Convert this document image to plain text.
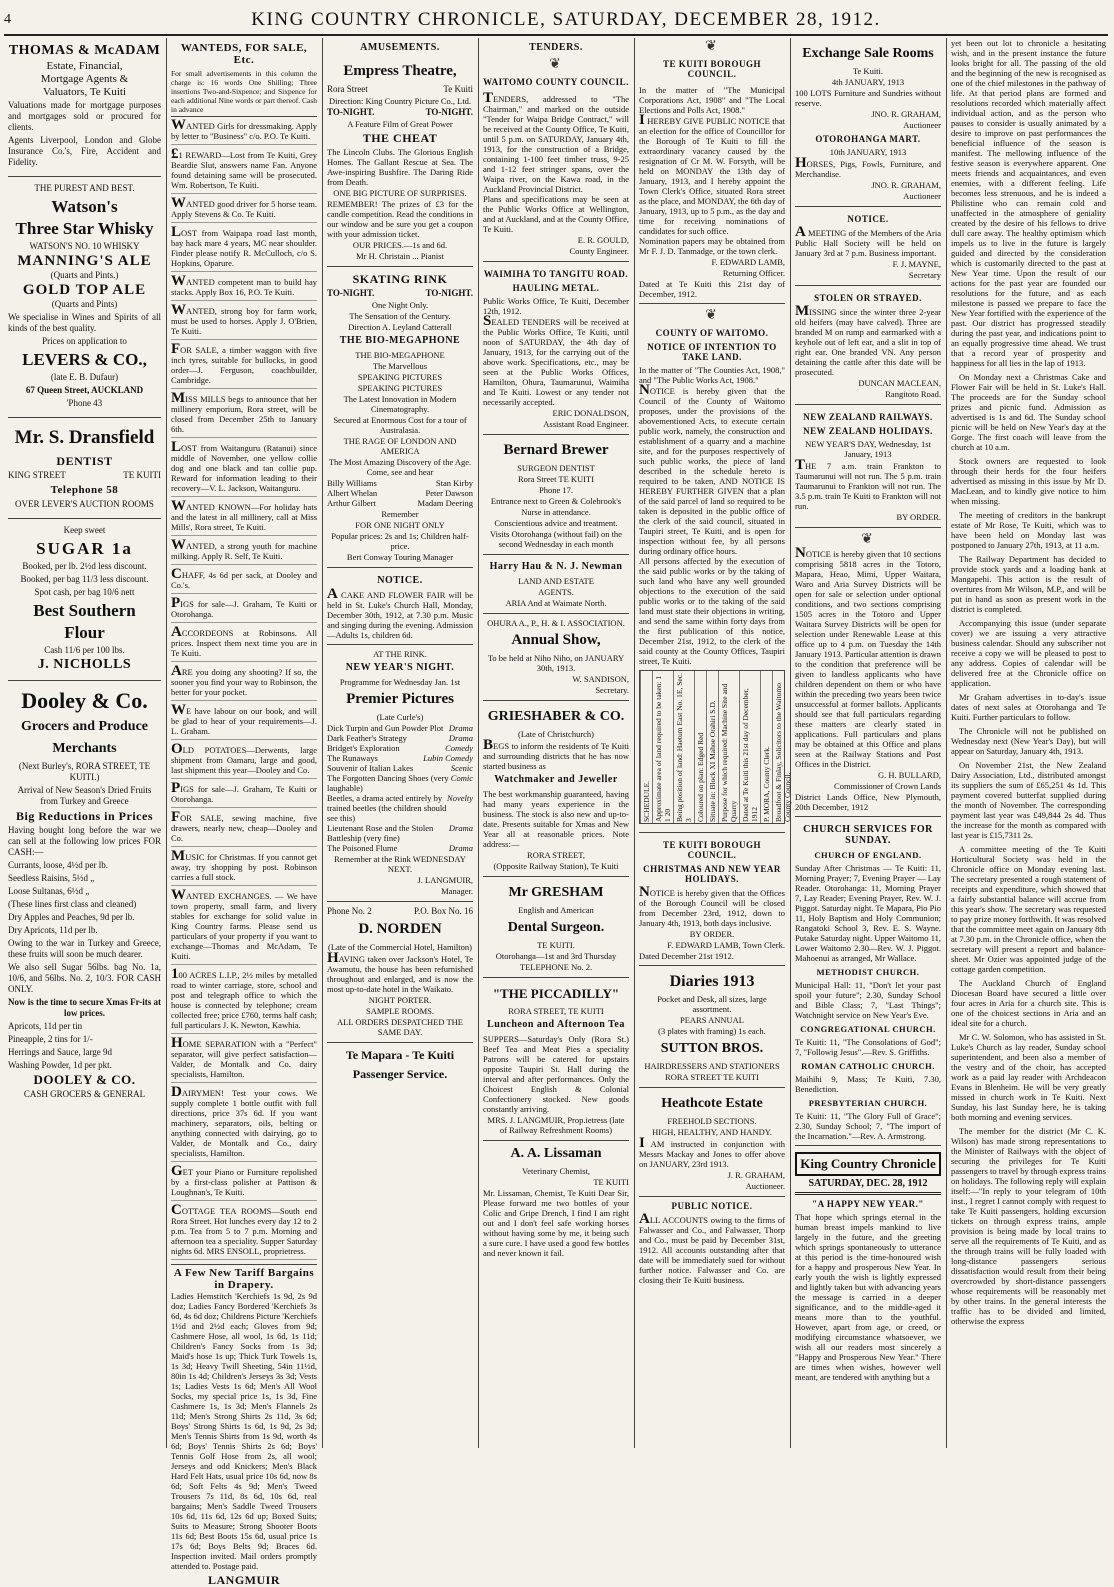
4	KING COUNTRY CHRONICLE, SATURDAY, DECEMBER 28, 1912.
THOMAS & McADAM
Estate, Financial,
Mortgage Agents &
Valuators, Te Kuiti

Valuations made for mortgage purposes and mortgages sold or procured for clients.

Agents Liverpool, London and Globe Insurance Co.'s, Fire, Accident and Fidelity.

THE PUREST AND BEST.

Watson's
Three Star Whisky

WATSON'S NO. 10 WHISKY

MANNING'S ALE

(Quarts and Pints.)

GOLD TOP ALE

(Quarts and Pints)

We specialise in Wines and Spirits of all kinds of the best quality.

Prices on application to

LEVERS & CO.,

(late E. B. Dufaur)

67 Queen Street, AUCKLAND

'Phone 43

Mr. S. Dransfield
DENTIST
KING STREET	TE KUITI
Telephone 58

OVER LEVER'S AUCTION ROOMS

Keep sweet

SUGAR 1a

Booked, per lb. 2½d less discount.

Booked, per bag 11/3 less discount.

Spot cash, per bag 10/6 nett

Best Southern
Flour

Cash 11/6 per 100 lbs.

J. NICHOLLS
Dooley & Co.
Grocers and Produce
Merchants

(Next Burley's, RORA STREET, TE KUITI.)

Arrival of New Season's Dried Fruits from Turkey and Greece

Big Reductions in Prices

Having bought long before the war we can sell at the following low prices FOR CASH:—

Currants, loose, 4½d per lb.

Seedless Raisins, 5½d „

Loose Sultanas, 6½d „

(These lines first class and cleaned)

Dry Apples and Peaches, 9d per lb.

Dry Apricots, 11d per lb.

Owing to the war in Turkey and Greece, these fruits will soon be much dearer.

We also sell Sugar 56lbs. bag No. 1a, 10/6, and 56lbs. No. 2, 10/3. FOR CASH ONLY.

Now is the time to secure Xmas Fr-its at low prices.

Apricots, 11d per tin

Pineapple, 2 tins for 1/-

Herrings and Sauce, large 9d

Washing Powder, 1d per pkt.

DOOLEY & CO.

CASH GROCERS & GENERAL

WANTEDS, FOR SALE, Etc.

For small advertisements in this column the charge is: 16 words One Shilling; Three insertions Two-and-Sixpence; and Sixpence for each additional Nine words or part thereof. Cash in advance

WANTED Girls for dressmaking. Apply by letter to "Business" c/o. P.O. Te Kuiti.

£1 REWARD—Lost from Te Kuiti, Grey Beardie Slut, answers name Fan. Anyone found detaining same will be prosecuted. Wm. Robertson, Te Kuiti.

WANTED good driver for 5 horse team. Apply Stevens & Co. Te Kuiti.

LOST from Waipapa road last month, bay hack mare 4 years, MC near shoulder. Finder please notify R. McCulloch, c/o S. Hopkins, Oparure.

WANTED competent man to build hay stacks. Apply Box 16, P.O. Te Kuiti.

WANTED, strong boy for farm work, must be used to horses. Apply J. O'Brien, Te Kuiti.

FOR SALE, a timber waggon with five inch tyres, suitable for bullocks, in good order—J. Ferguson, coachbuilder, Cambridge.

MISS MILLS begs to announce that her millinery emporium, Rora street, will be closed from December 25th to January 6th.

LOST from Waitanguru (Ratanui) since middle of November, one yellow collie dog and one black and tan collie pup. Reward for information leading to their recovery—V. L. Jackson, Waitanguru.

WANTED KNOWN—For holiday hats and the latest in all millinery, call at Miss Mills', Rora street, Te Kuiti.

WANTED, a strong youth for machine milking. Apply R. Self, Te Kuiti.

CHAFF, 4s 6d per sack, at Dooley and Co.'s.

PIGS for sale—J. Graham, Te Kuiti or Otorohanga.

ACCORDEONS at Robinsons. All prices. Inspect them next time you are in Te Kuiti.

ARE you doing any shooting? If so, the sooner you find your way to Robinson, the better for your pocket.

WE have labour on our book, and will be glad to hear of your requirements—J. L. Graham.

OLD POTATOES—Derwents, large shipment from Oamaru, large and good, last shipment this year—Dooley and Co.

PIGS for sale—J. Graham, Te Kuiti or Otorohanga.

FOR SALE, sewing machine, five drawers, nearly new, cheap—Dooley and Co.

MUSIC for Christmas. If you cannot get away, try shopping by post. Robinson carries a full stock.

WANTED EXCHANGES. — We have town property, small farm, and livery stables for exchange for solid value in King Country farms. Please send us particulars of your property if you want to exchange—Thomas and McAdam, Te Kuiti.

100 ACRES L.I.P., 2½ miles by metalled road to winter carriage, store, school and post and telegraph office to which the house is connected by telephone; cream collected free; price £760, terms half cash; full particulars J. K. Newton, Kawhia.

HOME SEPARATION with a "Perfect" separator, will give perfect satisfaction—Valder, de Montalk and Co. dairy specialists, Hamilton.

DAIRYMEN! Test your cows. We supply complete 1 bottle outfit with full directions, price 37s 6d. If you want machinery, separators, oils, belting or anything connected with dairying, go to Valder, de Montalk and Co., dairy specialists, Hamilton.

GET your Piano or Furniture repolished by a first-class polisher at Pattison & Loughnan's, Te Kuiti.

COTTAGE TEA ROOMS—South end Rora Street. Hot lunches every day 12 to 2 p.m. Tea from 5 to 7 p.m. Morning and afternoon tea a speciality. Supper Saturday nights 6d. MRS ENSOLL, proprietress.

A Few New Tariff Bargains in Drapery.

Ladies Hemstitch 'Kerchiefs 1s 9d, 2s 9d doz; Ladies Fancy Bordered 'Kerchiefs 3s 6d, 4s 6d doz; Childrens Picture 'Kerchiefs 1½d and 2½d each; Gloves from 9d; Cashmere Hose, all wool, 1s 6d, 1s 11d; Children's Fancy Socks from 1s 3d; Maid's hose 1s up; Thick Turk Towels 1s, 1s 3d; Heavy Twill Sheeting, 54in 11½d, 80in 1s 4d; Children's Jerseys 3s 3d; Vests 1s; Ladies Vests 1s 6d; Men's All Wool Socks, my special price 1s, 1s 3d, Fine Cashmere 1s, 1s 3d; Men's Flannels 2s 11d; Men's Strong Shirts 2s 11d, 3s 6d; Boys' Strong Shirts 1s 6d, 1s 9d, 2s 3d; Men's Tennis Shirts from 1s 9d, worth 4s 6d; Boys' Tennis Shirts 2s 6d; Boys' Tennis Golf Hose from 2s, all wool; Jerseys and odd Knickers; Men's Black Hard Felt Hats, usual price 10s 6d, now 8s 6d; Soft Felts 4s 9d; Men's Tweed Trousers 7s 11d, 8s 6d, 10s 6d, real bargains; Men's Saddle Tweed Trousers 10s 6d, 11s 6d, 12s 6d up; Boxed Suits; Suits to Measure; Strong Shooter Boots 11s 6d; Best Boots 15s 6d, usual price 1s 17s 6d; Boys Belts 9d; Braces 6d. Inspection invited. Mail orders promptly attended to. Postage paid.

LANGMUIR
AMUSEMENTS.
Empress Theatre,
Rora Street	Te Kuiti

Direction: King Country Picture Co., Ltd.

TO-NIGHT.	TO-NIGHT.

A Feature Film of Great Power

THE CHEAT

The Lincoln Clubs. The Glorious English Homes. The Gallant Rescue at Sea. The Awe-inspiring Bushfire. The Daring Ride from Death.

ONE BIG PICTURE OF SURPRISES.

REMEMBER! The prizes of £3 for the candle competition. Read the conditions in our window and be sure you get a coupon with your admission ticket.

OUR PRICES.—1s and 6d.

Mr H. Christain ... Pianist

SKATING RINK
TO-NIGHT.	TO-NIGHT.

One Night Only.

The Sensation of the Century.

Direction A. Leyland Catterall

THE BIO-MEGAPHONE

THE BIO-MEGAPHONE

The Marvellous

SPEAKING PICTURES

SPEAKING PICTURES

The Latest Innovation in Modern Cinematography.

Secured at Enormous Cost for a tour of Australasia.

THE RAGE OF LONDON AND AMERICA

The Most Amazing Discovery of the Age. Come, see and hear

Billy Williams	Stan Kirby
Albert Whelan	Peter Dawson
Arthur Gilbert	Madam Deering

Remember

FOR ONE NIGHT ONLY

Popular prices: 2s and 1s; Children half-price.

Bert Conway Touring Manager

NOTICE.

A CAKE AND FLOWER FAIR will be held in St. Luke's Church Hall, Monday, December 30th, 1912, at 7.30 p.m. Music and singing during the evening. Admission—Adults 1s, children 6d.

AT THE RINK.

NEW YEAR'S NIGHT.

Programme for Wednesday Jan. 1st

Premier Pictures

(Late Curle's)

Dick Turpin and Gun Powder Plot Drama
Dark Feather's Strategy	Drama
Bridget's Exploration	Comedy
The Runaways	Lubin Comedy
Souvenir of Italian Lakes	Scenic
The Forgotten Dancing Shoes (very laughable)
Comic
Beetles, a drama acted entirely by trained beetles (the children should see this)
Novelty
Lieutenant Rose and the Stolen Battleship (very fine)
Drama
The Poisoned Flume	Drama

Remember at the Rink WEDNESDAY NEXT.

J. LANGMUIR,

Manager.

Phone No. 2	P.O. Box No. 16
D. NORDEN

(Late of the Commercial Hotel, Hamilton)

HAVING taken over Jackson's Hotel, Te Awamutu, the house has been refurnished throughout and enlarged, and is now the most up-to-date hotel in the Waikato.

NIGHT PORTER.

SAMPLE ROOMS.

ALL ORDERS DESPATCHED THE SAME DAY.

Te Mapara - Te Kuiti Passenger Service.
TENDERS.
❦
WAITOMO COUNTY COUNCIL.

TENDERS, addressed to "The Chairman," and marked on the outside "Tender for Waipa Bridge Contract," will be received at the County Office, Te Kuiti, until 5 p.m. on SATURDAY, January 4th, 1913, for the construction of a Bridge, containing 1-100 feet timber truss, 9-25 and 1-12 feet stringer spans, over the Waipa river, on the Kawa road, in the Auckland Provincial District.

Plans and specifications may be seen at the Public Works Office at Wellington, and at Auckland, and at the County Office, Te Kuiti.

E. R. GOULD,

County Engineer.

WAIMIHA TO TANGITU ROAD.
HAULING METAL.

Public Works Office, Te Kuiti, December 12th, 1912.

SEALED TENDERS will be received at the Public Works Office, Te Kuiti, until noon of SATURDAY, the 4th day of January, 1913, for the carrying out of the above work. Specifications, etc., may be seen at the Public Works Offices, Hamilton, Ohura, Taumarunui, Waimiha and Te Kuiti. Lowest or any tender not necessarily accepted.

ERIC DONALDSON,

Assistant Road Engineer.

Bernard Brewer

SURGEON DENTIST

Rora Street TE KUITI

Phone 17.

Entrance next to Green & Colebrook's

Nurse in attendance.

Conscientious advice and treatment.

Visits Otorohanga (without fail) on the second Wednesday in each month

Harry Hau & N. J. Newman

LAND AND ESTATE

AGENTS.

ARIA And at Waimate North.

OHURA A., P., H. & I. ASSOCIATION.

Annual Show,

To be held at Niho Niho, on JANUARY 30th, 1913.

W. SANDISON,

Secretary.

GRIESHABER & CO.

(Late of Christchurch)

BEGS to inform the residents of Te Kuiti and surrounding districts that he has now started business as

Watchmaker and Jeweller

The best workmanship guaranteed, having had many years experience in the business. The stock is also new and up-to-date. Presents suitable for Xmas and New Year all at reasonable prices. Note address:—

RORA STREET,

(Opposite Railway Station), Te Kuiti

Mr GRESHAM

English and American

Dental Surgeon.

TE KUITI.

Otorohanga—1st and 3rd Thursday

TELEPHONE No. 2.

"THE PICCADILLY"

RORA STREET, TE KUITI

Luncheon and Afternoon Tea

SUPPERS—Saturday's Only (Rora St.) Beef Tea and Meat Pies a speciality Patrons will be catered for upstairs opposite Taupiri St. Hall during the interval and after performances. Only the Choicest English & Colonial Confectionery stocked. New goods constantly arriving.

MRS. J. LANGMUIR, Prop.ietress (late of Railway Refreshment Rooms)

A. A. Lissaman

Veterinary Chemist,

TE KUITI

Mr. Lissaman, Chemist, Te Kuiti Dear Sir, Please forward me two bottles of your Colic and Gripe Drench, I find I am right out and I don't feel safe working horses without having some by me, it being such a sure cure. I have used a good few bottles and never known it fail.

❦
TE KUITI BOROUGH COUNCIL.

In the matter of "The Municipal Corporations Act, 1908" and "The Local Elections and Polls Act, 1908."

I HEREBY GIVE PUBLIC NOTICE that an election for the office of Councillor for the Borough of Te Kuiti to fill the extraordinary vacancy caused by the resignation of Cr M. W. Forsyth, will be held on MONDAY the 13th day of January, 1913, and I hereby appoint the Town Clerk's Office, situated Rora street as the place, and MONDAY, the 6th day of January, 1913, up to 5 p.m., as the day and time for receiving nominations of candidates for such office.

Nomination papers may be obtained from Mr F. J. D. Tanmadge, or the town clerk.

F. EDWARD LAMB,

Returning Officer.

Dated at Te Kuiti this 21st day of December, 1912.

❦
COUNTY OF WAITOMO.
NOTICE OF INTENTION TO TAKE LAND.

In the matter of "The Counties Act, 1908," and "The Public Works Act, 1908."

NOTICE is hereby given that the Council of the County of Waitomo proposes, under the provisions of the abovementioned Acts, to execute certain public work, namely, the construction and establishment of a quarry and a machine site, and for the purposes respectively of such public works, the piece of land described in the schedule hereto is required to be taken, AND NOTICE IS HEREBY FURTHER GIVEN that a plan of the said parcel of land so required to be taken is deposited in the public office of the clerk of the said council, situated in Taupiri street, Te Kuiti, and is open for inspection without fee, by all persons during ordinary office hours.

All persons affected by the execution of the said public works or by the taking of such land who have any well grounded objections to the execution of the said public works or to the taking of the said land must state their objections in writing, and send the same within forty days from the first publication of this notice, December 21st, 1912, to the clerk of the said county at the County Offices, Taupiri street, Te Kuiti.

SCHEDULE. Approximate area of land required to be taken: 1 1 20 Being position of land: Haetum East No. 1E, Sec. 3 Coloured on plan: Edged Red Situate in: Block XI Mahoe Orahiri S.D. Purpose for which required: Machine Site and Quarry Dated at Te Kuiti this 21st day of December, 1912 P. MORA, County Clerk. Broadfoot & Finlay, Solicitors to the Waitomo County Council.
TE KUITI BOROUGH COUNCIL.
CHRISTMAS AND NEW YEAR HOLIDAYS.

NOTICE is hereby given that the Offices of the Borough Council will be closed from December 23rd, 1912, down to January 4th, 1913, both days inclusive.

BY ORDER.

F. EDWARD LAMB, Town Clerk.

Dated December 21st 1912.

Diaries 1913

Pocket and Desk, all sizes, large assortment.

PEARS ANNUAL

(3 plates with framing) 1s each.

SUTTON BROS.

HAIRDRESSERS AND STATIONERS

RORA STREET TE KUITI

Heathcote Estate

FREEHOLD SECTIONS.

HIGH, HEALTHY, AND HANDY.

I AM instructed in conjunction with Messrs Mackay and Jones to offer above on JANUARY, 23rd 1913.

J. R. GRAHAM,

Auctioneer.

PUBLIC NOTICE.

ALL ACCOUNTS owing to the firms of Falwasser and Co., and Falwasser, Thorp and Co., must be paid by December 31st, 1912. All accounts outstanding after that date will be immediately sued for without further notice. Falwasser and Co. are closing their Te Kuiti business.

Exchange Sale Rooms

Te Kuiti.

4th JANUARY, 1913

100 LOTS Furniture and Sundries without reserve.

JNO. R. GRAHAM,

Auctioneer

OTOROHANGA MART.

10th JANUARY, 1913

HORSES, Pigs, Fowls, Furniture, and Merchandise.

JNO. R. GRAHAM,

Auctioneer

NOTICE.

A MEETING of the Members of the Aria Public Hall Society will be held on January 3rd at 7 p.m. Business important.

F. J. MAYNE,

Secretary

STOLEN OR STRAYED.

MISSING since the winter three 2-year old heifers (may have calved). Three are branded M on rump and earmarked with a keyhole out of left ear, and a slit in top of right ear. One branded VN. Any person detaining the cattle after this date will be prosecuted.

DUNCAN MACLEAN,

Rangitoto Road.

NEW ZEALAND RAILWAYS.
NEW ZEALAND HOLIDAYS.

NEW YEAR'S DAY, Wednesday, 1st January, 1913

THE 7 a.m. train Frankton to Taumarunui will not run. The 5 p.m. train Taumarunui to Frankton will not run. The 3.5 p.m. train Te Kuiti to Frankton will not run.

BY ORDER.

❦

NOTICE is hereby given that 10 sections comprising 5818 acres in the Totoro, Mapara, Heao, Mimi, Upper Waitara, Waro and Aria Survey Districts will be open for sale or selection under optional conditions, and two sections comprising 1505 acres in the Totoro and Upper Waitara Survey Districts will be open for selection under Renewable Lease at this office up to 4 p.m. on Tuesday the 14th January 1913. Particular attention is drawn to the condition that preference will be given to landless applicants who have children dependent on them or who have within the preceding two years been twice unsuccessful at former ballots. Applicants should see that full particulars regarding these matters are clearly stated in applications. Full particulars and plans may be obtained at this Office and plans seen at the Railway Stations and Post Offices in the District.

G. H. BULLARD,

Commissioner of Crown Lands

District Lands Office, New Plymouth, 20th December, 1912

CHURCH SERVICES FOR SUNDAY.
CHURCH OF ENGLAND.

Sunday After Christmas — Te Kuiti: 11, Morning Prayer; 7, Evening Prayer — Lay Reader. Otorohanga: 11, Morning Prayer 7, Lay Reader; Evening Prayer, Rev. W. J. Piggot. Saturday night. Te Mapara, Pio Pio 11, Holy Baptism and Holy Communion; Rangatoki School 3, Rev. E. S. Wayne. Putake Saturday night. Upper Waitomo 11, Lower Waitomo 2.30—Rev. W. J. Piggot. Mahoenui as arranged, Mr Wallace.

METHODIST CHURCH.

Municipal Hall: 11, "Don't let your past spoil your future"; 2.30, Sunday School and Bible Class; 7, "Last Things"; Watchnight service on New Year's Eve.

CONGREGATIONAL CHURCH.

Te Kuiti: 11, "The Consolations of God"; 7, "Followig Jesus".—Rev. S. Griffiths.

ROMAN CATHOLIC CHURCH.

Maihihi 9, Mass; Te Kuiti, 7.30, Benediction.

PRESBYTERIAN CHURCH.

Te Kuiti: 11, "The Glory Full of Grace"; 2.30, Sunday School; 7, "The import of the Incarnation."—Rev. A. Armstrong.

King Country Chronicle
SATURDAY, DEC. 28, 1912
"A HAPPY NEW YEAR."

That hope which springs eternal in the human breast impels mankind to live largely in the future, and the greeting which springs spontaneously to utterance at this period is the time-honoured wish for a happy and prosperous New Year. In early youth the wish is lightly expressed and lightly taken but with advancing years the message is carried in a deeper significance, and to the middle-aged it means more than to the youthful. However, apart from age, or creed, or modifying circumstance whatsoever, we wish all our readers most sincerely a "Happy and Prosperous New Year." There are times when wishes, however well meant, are tendered with anything but a

yet been out lot to chronicle a hesitating wish, and in the present instance the future looks bright for all. The passing of the old and the beginning of the new is recognised as one of the chief milestones in the pathway of life. At that period plans are formed and resolutions recorded which materially affect individual action, and as the person who pauses to consider is usually animated by a desire to improve on past performances the beneficial influence of the season is manifest. The mellowing influence of the festive season is everywhere apparent. One meets friends and acquaintances, and even enemies, with a different feeling. Life becomes less strenuous, and he is indeed a Philistine who can remain cold and unaffected in the atmosphere of geniality created by the desire of his fellows to drive dull care away. The healthy optimism which impels us to live in the future is largely guided and directed by the consideration which is customarily directed to the past at New Year time. Upon the result of our actions for the past year are founded our resolutions for the future, and as each milestone is passed we prepare to face the New Year fortified with the experience of the past. Our district has progressed steadily during the past year, and indications point to an equally progressive time ahead. We trust that a record year of prosperity and happiness for all lies in the lap of 1913.

On Monday next a Christmas Cake and Flower Fair will be held in St. Luke's Hall. The proceeds are for the Sunday school prizes and picnic fund. Admission as advertised is 1s and 6d. The Sunday school picnic will be held on New Year's day at the Gorge. The first coach will leave from the church at 10 a.m.

Stock owners are requested to look through their herds for the four heifers advertised as missing in this issue by Mr D. MacLean, and to kindly give notice to him when missing.

The meeting of creditors in the bankrupt estate of Mr Rose, Te Kuiti, which was to have been held on Monday last was postponed to January 27th, 1913, at 11 a.m.

The Railway Department has decided to provide stock yards and a loading bank at Mangapehi. This action is the result of overtures from Mr Wilson, M.P., and will be put in hand as soon as present work in the district is completed.

Accompanying this issue (under separate cover) we are issuing a very attractive business calendar. Should any subscriber not receive a copy we will be pleased to post to any address. Copies of calendar will be delivered free at the Chronicle office on application.

Mr Graham advertises in to-day's issue dates of next sales at Otorohanga and Te Kuiti. Further particulars to follow.

The Chronicle will not be published on Wednesday next (New Year's Day), but will appear on Saturday, January 4th, 1913.

On November 21st, the New Zealand Dairy Association, Ltd., distributed amongst its suppliers the sum of £65,251 4s 1d. This payment covered butterfat supplied during the month of November. The corresponding payment last year was £49,844 2s 4d. Thus the increase for the month as compared with last year is £15,7311 2s.

A committee meeting of the Te Kuiti Horticultural Society was held in the Chronicle office on Monday evening last. The secretary presented a rough statement of receipts and expenditure, which showed that a fairly substantial balance will accrue from this year's show. The secretary was requested to pay prize money forthwith. It was resolved that the committee meet again on January 8th at 7.30 p.m. in the Chronicle office, when the secretary will present a report and balance-sheet. Mr Ozier was appointed judge of the cottage garden competition.

The Auckland Church of England Diocesan Board have secured a little over four acres in Aria for a church site. This is one of the choicest sections in Aria and an ideal site for a church.

Mr C. W. Solomon, who has assisted in St. Luke's Church as lay reader, Sunday school superintendent, and been also a member of the vestry and of the choir, has accepted work as a paid lay reader with Archdeacon Evans in Blenheim. He will be very greatly missed in church work in Te Kuiti. Next Sunday, his last Sunday here, he is taking both morning and evening services.

The member for the district (Mr C. K. Wilson) has made strong representations to the Minister of Railways with the object of securing the privileges for Te Kuiti passengers to travel by through express trains on holidays. The following reply will explain itself:—"In reply to your telegram of 10th inst., I regret I cannot comply with request to take Te Kuiti passengers, holding excursion tickets on through express trains, ample provision is being made by local trains to serve all the requirements of Te Kuiti, and as the through trains will be fully loaded with long-distance passengers serious dissatisfaction would result from their being overcrowded by short-distance passengers whose requirements will be reasonably met by other trains. In the general interests the traffic has to be divided and limited, otherwise the express
